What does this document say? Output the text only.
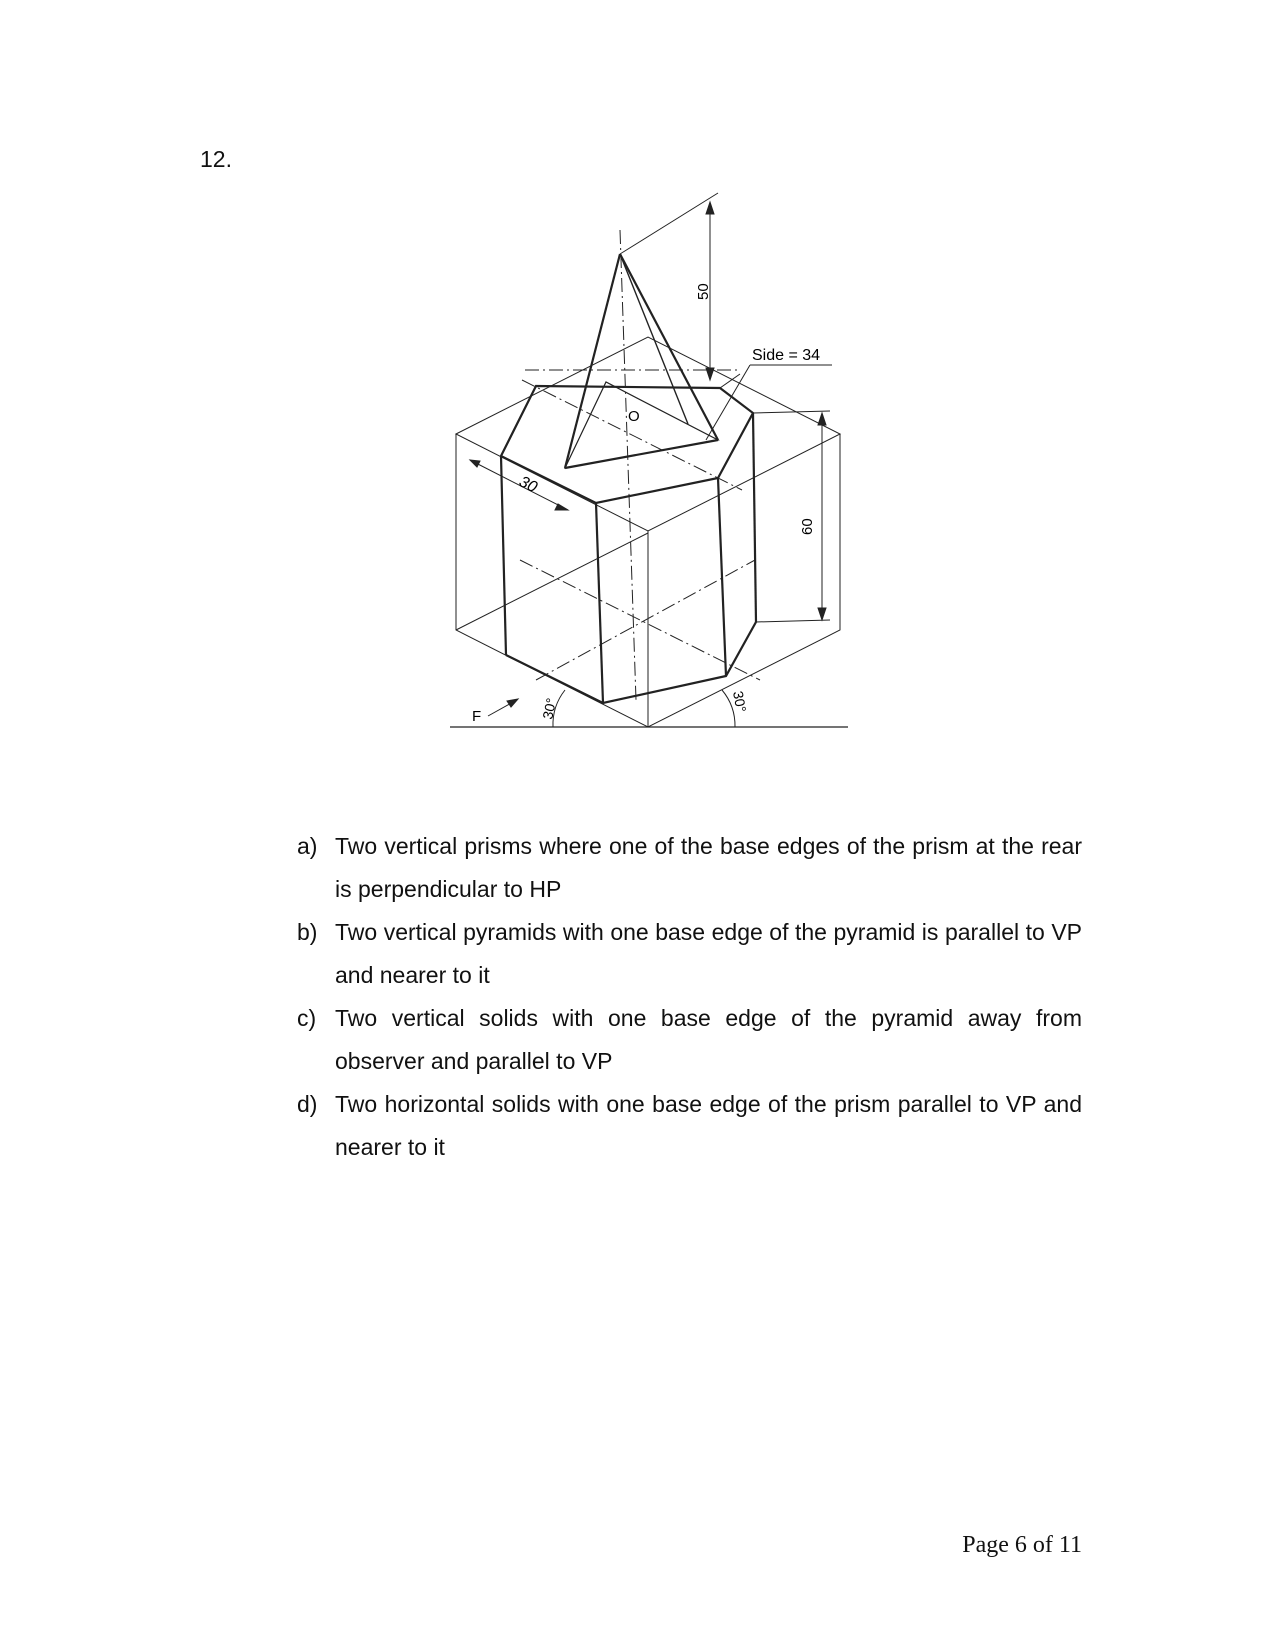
12.
50
60
Side = 34
30
O
F	30°	30°
a) Two vertical prisms where one of the base edges of the prism at the rear is perpendicular to HP
b) Two vertical pyramids with one base edge of the pyramid is parallel to VP and nearer to it
c) Two vertical solids with one base edge of the pyramid away from observer and parallel to VP
d) Two horizontal solids with one base edge of the prism parallel to VP and nearer to it
Page 6 of 11
